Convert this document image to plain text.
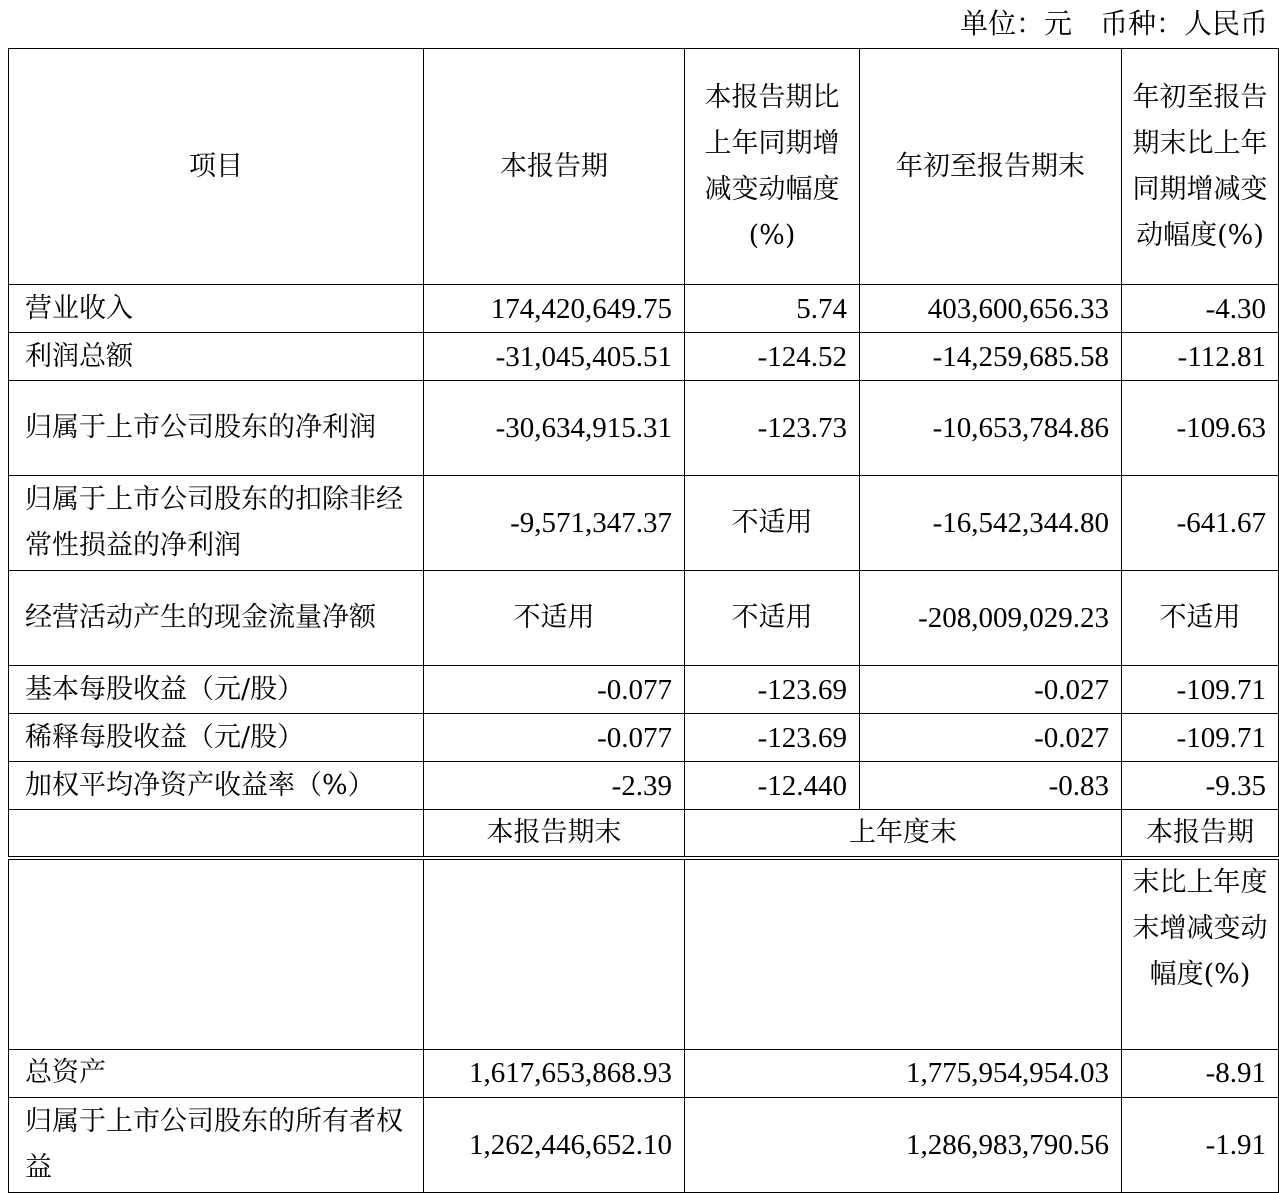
单位：元　币种：人民币
项目	本报告期	本报告期比上年同期增减变动幅度(%)	年初至报告期末	年初至报告期末比上年同期增减变动幅度(%)
营业收入	174,420,649.75	5.74	403,600,656.33	-4.30
利润总额	-31,045,405.51	-124.52	-14,259,685.58	-112.81
归属于上市公司股东的净利润	-30,634,915.31	-123.73	-10,653,784.86	-109.63
归属于上市公司股东的扣除非经常性损益的净利润	-9,571,347.37	不适用	-16,542,344.80	-641.67
经营活动产生的现金流量净额	不适用	不适用	-208,009,029.23	不适用
基本每股收益（元/股）	-0.077	-123.69	-0.027	-109.71
稀释每股收益（元/股）	-0.077	-123.69	-0.027	-109.71
加权平均净资产收益率（%）	-2.39	-12.440	-0.83	-9.35
	本报告期末	上年度末		本报告期
				末比上年度末增减变动幅度(%)
总资产	1,617,653,868.93	1,775,954,954.03		-8.91
归属于上市公司股东的所有者权益	1,262,446,652.10	1,286,983,790.56		-1.91
